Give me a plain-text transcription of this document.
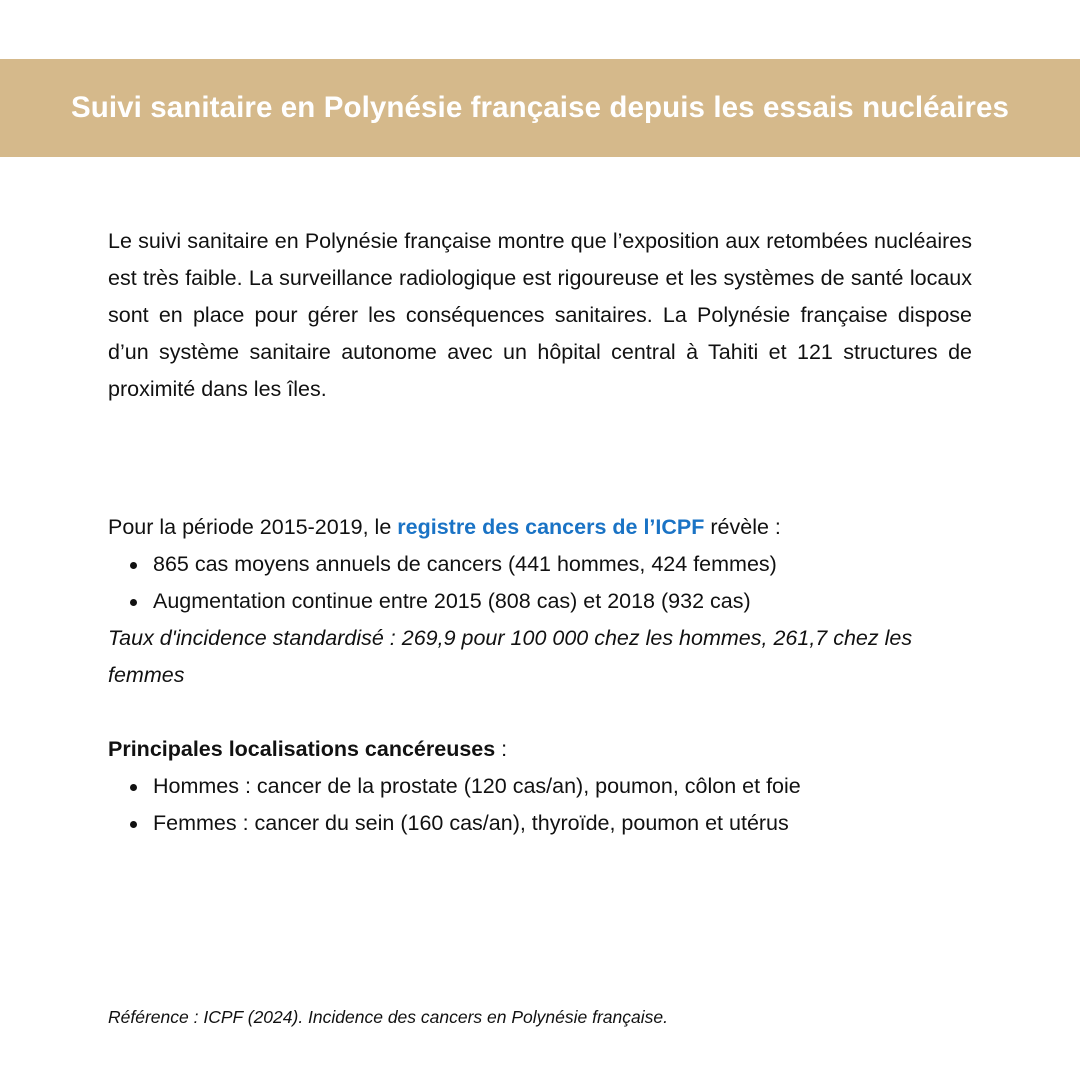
Suivi sanitaire en Polynésie française depuis les essais nucléaires

Le suivi sanitaire en Polynésie française montre que l’exposition aux retombées nucléaires est très faible. La surveillance radiologique est rigoureuse et les systèmes de santé locaux sont en place pour gérer les conséquences sanitaires. La Polynésie française dispose d’un système sanitaire autonome avec un hôpital central à Tahiti et 121 structures de proximité dans les îles.

Pour la période 2015-2019, le registre des cancers de l’ICPF révèle :

865 cas moyens annuels de cancers (441 hommes, 424 femmes)
Augmentation continue entre 2015 (808 cas) et 2018 (932 cas)

Taux d'incidence standardisé : 269,9 pour 100 000 chez les hommes, 261,7 chez les femmes

Principales localisations cancéreuses :

Hommes : cancer de la prostate (120 cas/an), poumon, côlon et foie
Femmes : cancer du sein (160 cas/an), thyroïde, poumon et utérus

Référence : ICPF (2024). Incidence des cancers en Polynésie française.
